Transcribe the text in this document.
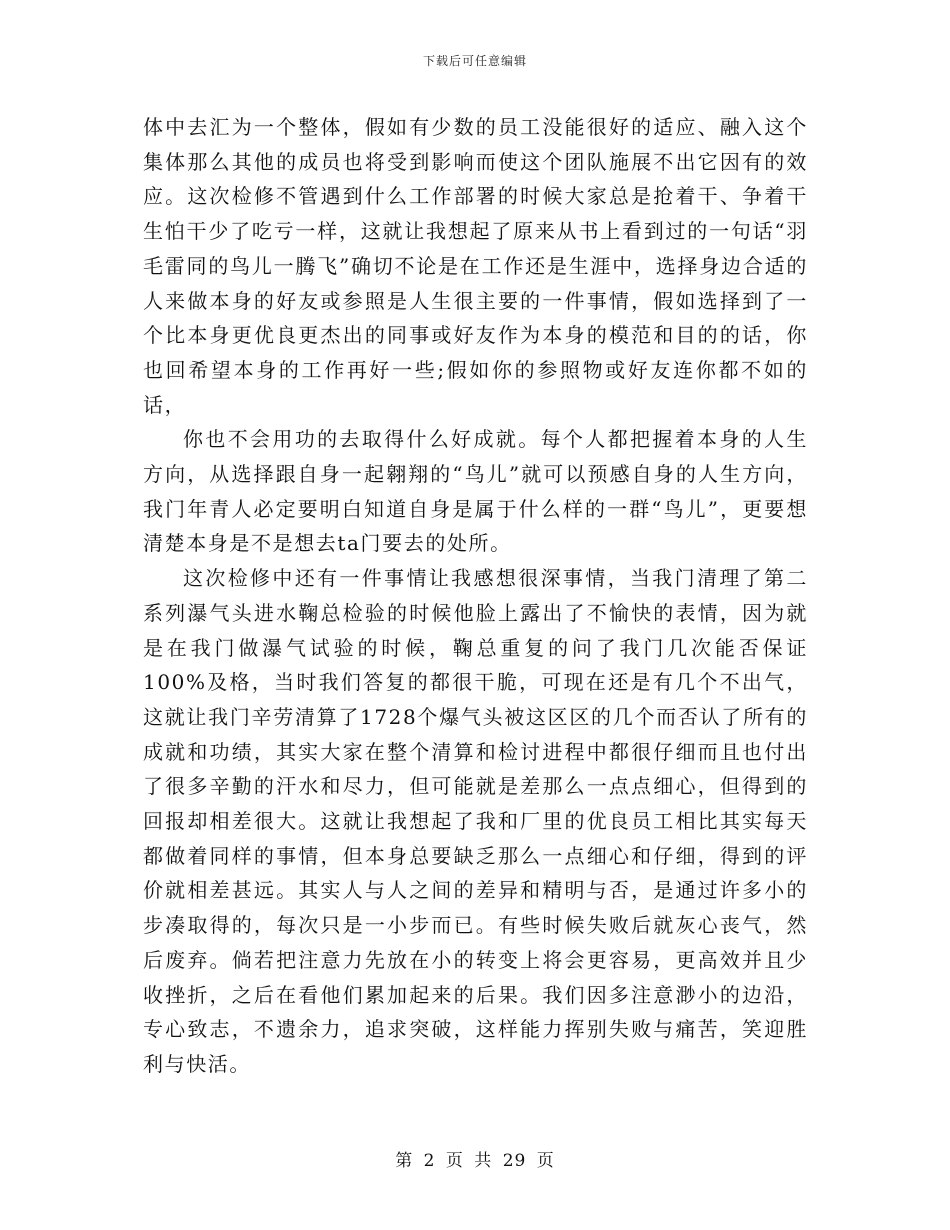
下载后可任意编辑

体中去汇为一个整体，假如有少数的员工没能很好的适应、融入这个集体那么其他的成员也将受到影响而使这个团队施展不出它因有的效应。这次检修不管遇到什么工作部署的时候大家总是抢着干、争着干生怕干少了吃亏一样，这就让我想起了原来从书上看到过的一句话“羽毛雷同的鸟儿一腾飞”确切不论是在工作还是生涯中，选择身边合适的人来做本身的好友或参照是人生很主要的一件事情，假如选择到了一个比本身更优良更杰出的同事或好友作为本身的模范和目的的话，你也回希望本身的工作再好一些;假如你的参照物或好友连你都不如的话，

你也不会用功的去取得什么好成就。每个人都把握着本身的人生方向，从选择跟自身一起翱翔的“鸟儿”就可以预感自身的人生方向，我门年青人必定要明白知道自身是属于什么样的一群“鸟儿”，更要想清楚本身是不是想去ta门要去的处所。

这次检修中还有一件事情让我感想很深事情，当我门清理了第二系列瀑气头进水鞠总检验的时候他脸上露出了不愉快的表情，因为就是在我门做瀑气试验的时候，鞠总重复的问了我门几次能否保证100%及格，当时我们答复的都很干脆，可现在还是有几个不出气，这就让我门辛劳清算了1728个爆气头被这区区的几个而否认了所有的成就和功绩，其实大家在整个清算和检讨进程中都很仔细而且也付出了很多辛勤的汗水和尽力，但可能就是差那么一点点细心，但得到的回报却相差很大。这就让我想起了我和厂里的优良员工相比其实每天都做着同样的事情，但本身总要缺乏那么一点细心和仔细，得到的评价就相差甚远。其实人与人之间的差异和精明与否，是通过许多小的步凑取得的，每次只是一小步而已。有些时候失败后就灰心丧气，然后废弃。倘若把注意力先放在小的转变上将会更容易，更高效并且少收挫折，之后在看他们累加起来的后果。我们因多注意渺小的边沿，专心致志，不遗余力，追求突破，这样能力挥别失败与痛苦，笑迎胜利与快活。

第 2 页 共 29 页
